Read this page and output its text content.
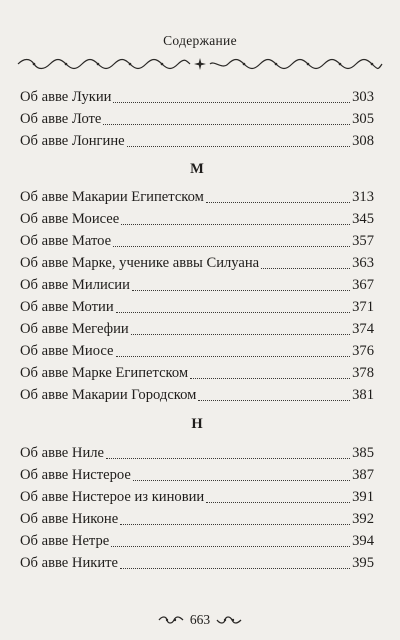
Содержание
Об авве Лукии	303
Об авве Лоте	305
Об авве Лонгине	308
М
Об авве Макарии Египетском	313
Об авве Моисее	345
Об авве Матое	357
Об авве Марке, ученике аввы Силуана	363
Об авве Милисии	367
Об авве Мотии	371
Об авве Мегефии	374
Об авве Миосе	376
Об авве Марке Египетском	378
Об авве Макарии Городском	381
Н
Об авве Ниле	385
Об авве Нистерое	387
Об авве Нистерое из киновии	391
Об авве Никоне	392
Об авве Нетре	394
Об авве Никите	395
663
